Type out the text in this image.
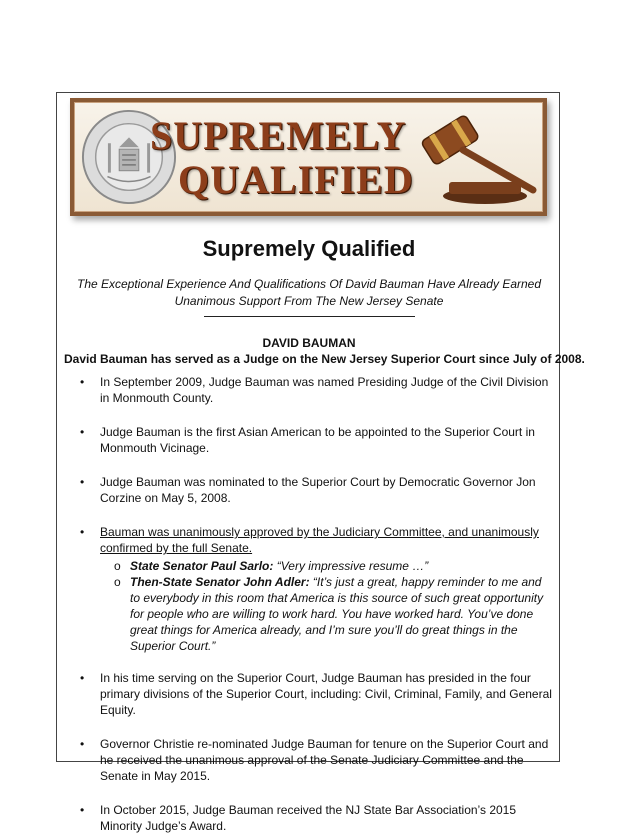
SUPREMELY

QUALIFIED

Supremely Qualified

The Exceptional Experience And Qualifications Of David Bauman Have Already Earned Unanimous Support From The New Jersey Senate

DAVID BAUMAN

David Bauman has served as a Judge on the New Jersey Superior Court since July of 2008.

• In September 2009, Judge Bauman was named Presiding Judge of the Civil Division in Monmouth County.
• Judge Bauman is the first Asian American to be appointed to the Superior Court in Monmouth Vicinage.
• Judge Bauman was nominated to the Superior Court by Democratic Governor Jon Corzine on May 5, 2008.
• Bauman was unanimously approved by the Judiciary Committee, and unanimously confirmed by the full Senate.
o State Senator Paul Sarlo: “Very impressive resume …”
o Then-State Senator John Adler: “It’s just a great, happy reminder to me and to everybody in this room that America is this source of such great opportunity for people who are willing to work hard. You have worked hard. You’ve done great things for America already, and I’m sure you’ll do great things in the Superior Court.”
• In his time serving on the Superior Court, Judge Bauman has presided in the four primary divisions of the Superior Court, including: Civil, Criminal, Family, and General Equity.
• Governor Christie re-nominated Judge Bauman for tenure on the Superior Court and he received the unanimous approval of the Senate Judiciary Committee and the Senate in May 2015.
• In October 2015, Judge Bauman received the NJ State Bar Association’s 2015 Minority Judge’s Award.
